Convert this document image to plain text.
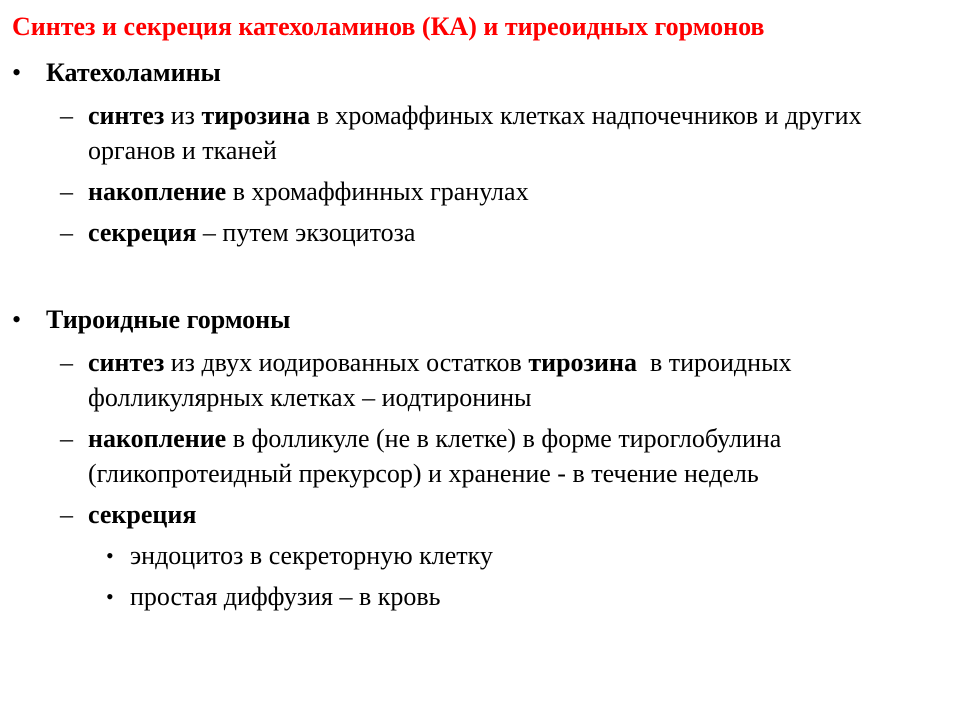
Синтез и секреция катехоламинов (КА) и тиреоидных гормонов
• Катехоламины
– синтез из тирозина в хромаффиных клетках надпочечников и других органов и тканей
– накопление в хромаффинных гранулах
– секреция – путем экзоцитоза
• Тироидные гормоны
– синтез из двух иодированных остатков тирозина  в тироидных фолликулярных клетках – иодтиронины
– накопление в фолликуле (не в клетке) в форме тироглобулина (гликопротеидный прекурсор) и хранение - в течение недель
– секреция
• эндоцитоз в секреторную клетку
• простая диффузия – в кровь
